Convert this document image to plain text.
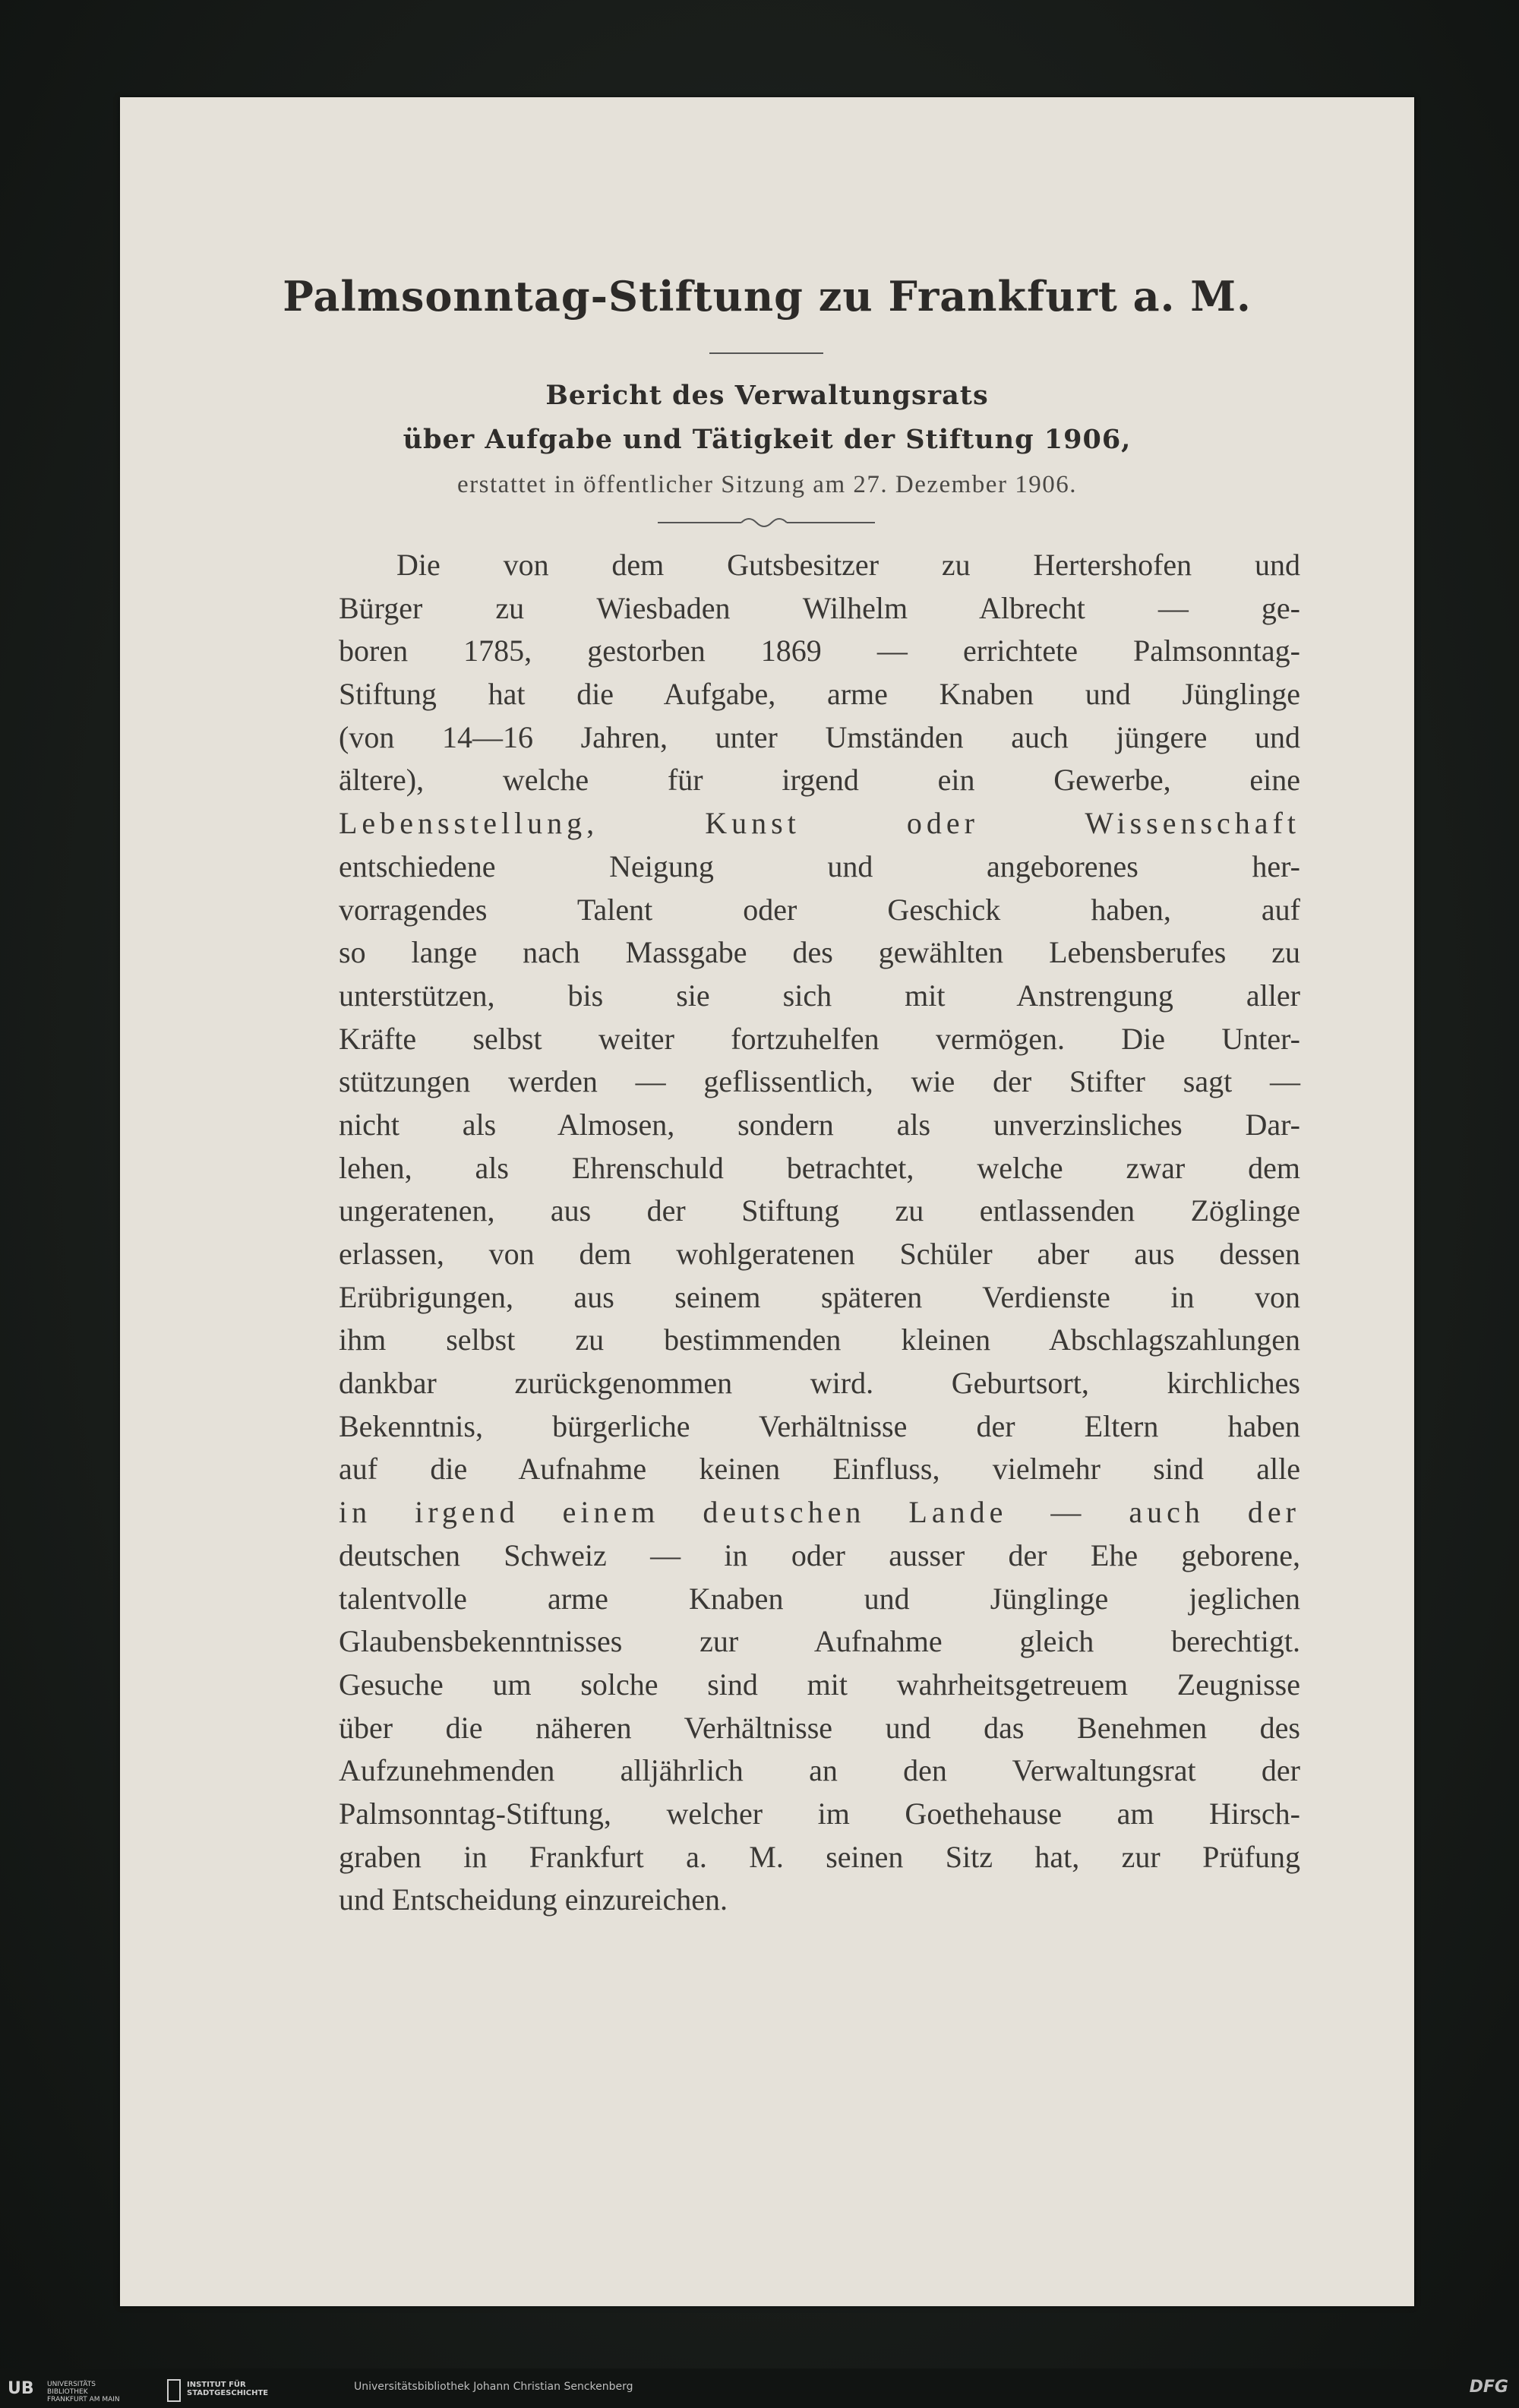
Palmsonntag-Stiftung zu Frankfurt a. M.
Bericht des Verwaltungsrats
über Aufgabe und Tätigkeit der Stiftung 1906,
erstattet in öffentlicher Sitzung am 27. Dezember 1906.
Die von dem Gutsbesitzer zu Hertershofen und
Bürger zu Wiesbaden Wilhelm Albrecht — ge-
boren 1785, gestorben 1869 — errichtete Palmsonntag-
Stiftung hat die Aufgabe, arme Knaben und Jünglinge
(von 14—16 Jahren, unter Umständen auch jüngere und
ältere), welche für irgend ein Gewerbe, eine
Lebensstellung, Kunst oder Wissenschaft
entschiedene Neigung und angeborenes her-
vorragendes Talent oder Geschick haben, auf
so lange nach Massgabe des gewählten Lebensberufes zu
unterstützen, bis sie sich mit Anstrengung aller
Kräfte selbst weiter fortzuhelfen vermögen. Die Unter-
stützungen werden — geflissentlich, wie der Stifter sagt —
nicht als Almosen, sondern als unverzinsliches Dar-
lehen, als Ehrenschuld betrachtet, welche zwar dem
ungeratenen, aus der Stiftung zu entlassenden Zöglinge
erlassen, von dem wohlgeratenen Schüler aber aus dessen
Erübrigungen, aus seinem späteren Verdienste in von
ihm selbst zu bestimmenden kleinen Abschlagszahlungen
dankbar zurückgenommen wird. Geburtsort, kirchliches
Bekenntnis, bürgerliche Verhältnisse der Eltern haben
auf die Aufnahme keinen Einfluss, vielmehr sind alle
in irgend einem deutschen Lande — auch der
deutschen Schweiz — in oder ausser der Ehe geborene,
talentvolle arme Knaben und Jünglinge jeglichen
Glaubensbekenntnisses zur Aufnahme gleich berechtigt.
Gesuche um solche sind mit wahrheitsgetreuem Zeugnisse
über die näheren Verhältnisse und das Benehmen des
Aufzunehmenden alljährlich an den Verwaltungsrat der
Palmsonntag-Stiftung, welcher im Goethehause am Hirsch-
graben in Frankfurt a. M. seinen Sitz hat, zur Prüfung
und Entscheidung einzureichen.
UB UNIVERSITÄTS
BIBLIOTHEK
FRANKFURT AM MAIN
INSTITUT FÜR
STADTGESCHICHTE
Universitätsbibliothek Johann Christian Senckenberg	DFG
